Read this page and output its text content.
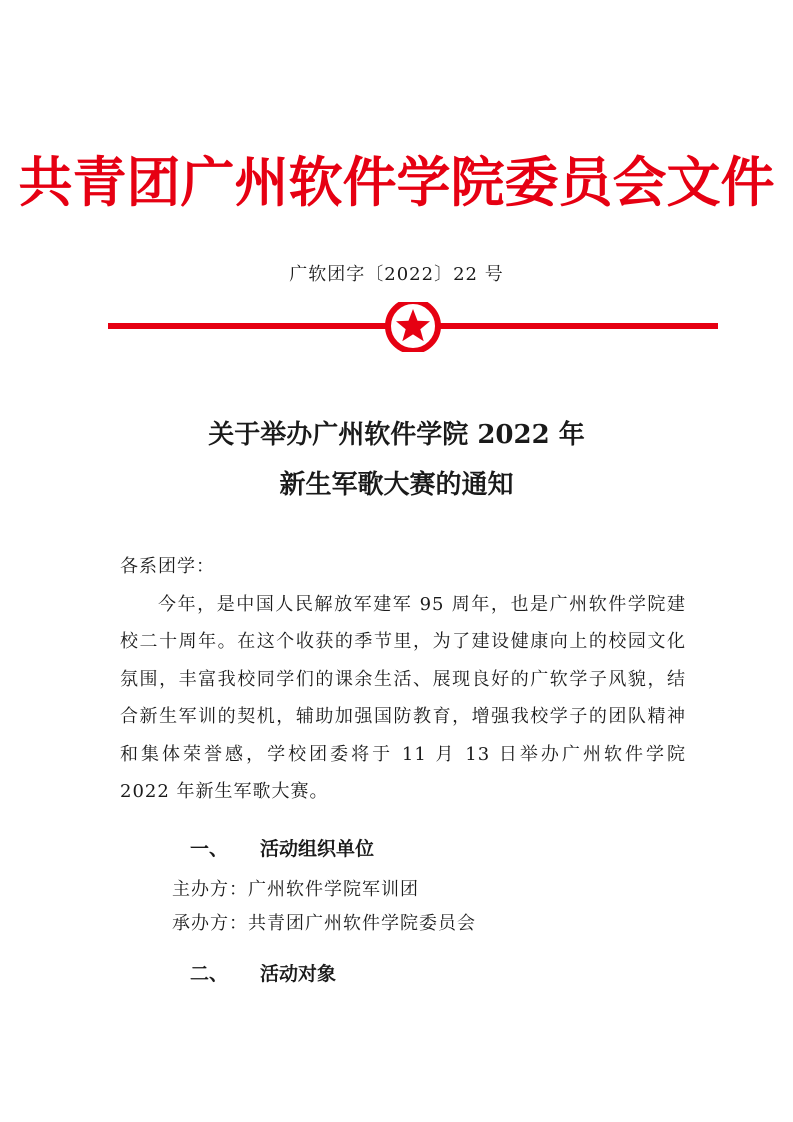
共青团广州软件学院委员会文件
广软团字〔2022〕22 号
关于举办广州软件学院 2022 年
新生军歌大赛的通知

各系团学：

今年，是中国人民解放军建军 95 周年，也是广州软件学院建校二十周年。在这个收获的季节里，为了建设健康向上的校园文化氛围，丰富我校同学们的课余生活、展现良好的广软学子风貌，结合新生军训的契机，辅助加强国防教育，增强我校学子的团队精神和集体荣誉感，学校团委将于 11 月 13 日举办广州软件学院 2022 年新生军歌大赛。

一、 活动组织单位
主办方：广州软件学院军训团
承办方：共青团广州软件学院委员会
二、 活动对象
